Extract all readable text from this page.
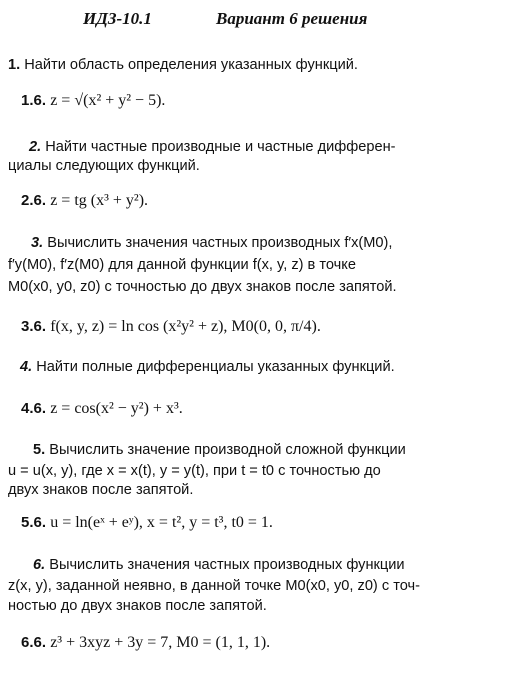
ИДЗ-10.1	Вариант 6 решения
1. Найти область определения указанных функций.
1.6. z = √(x² + y² − 5).
2. Найти частные производные и частные дифферен-
циалы следующих функций.
2.6. z = tg (x³ + y²).
3. Вычислить значения частных производных f′x(M0),
f′y(M0), f′z(M0) для данной функции f(x, y, z) в точке
M0(x0, y0, z0) с точностью до двух знаков после запятой.
3.6. f(x, y, z) = ln cos (x²y² + z), M0(0, 0, π/4).
4. Найти полные дифференциалы указанных функций.
4.6. z = cos(x² − y²) + x³.
5. Вычислить значение производной сложной функции
u = u(x, y), где x = x(t), y = y(t), при t = t0 с точностью до
двух знаков после запятой.
5.6. u = ln(eˣ + eʸ), x = t², y = t³, t0 = 1.
6. Вычислить значения частных производных функции
z(x, y), заданной неявно, в данной точке M0(x0, y0, z0) с точ-
ностью до двух знаков после запятой.
6.6. z³ + 3xyz + 3y = 7, M0 = (1, 1, 1).
